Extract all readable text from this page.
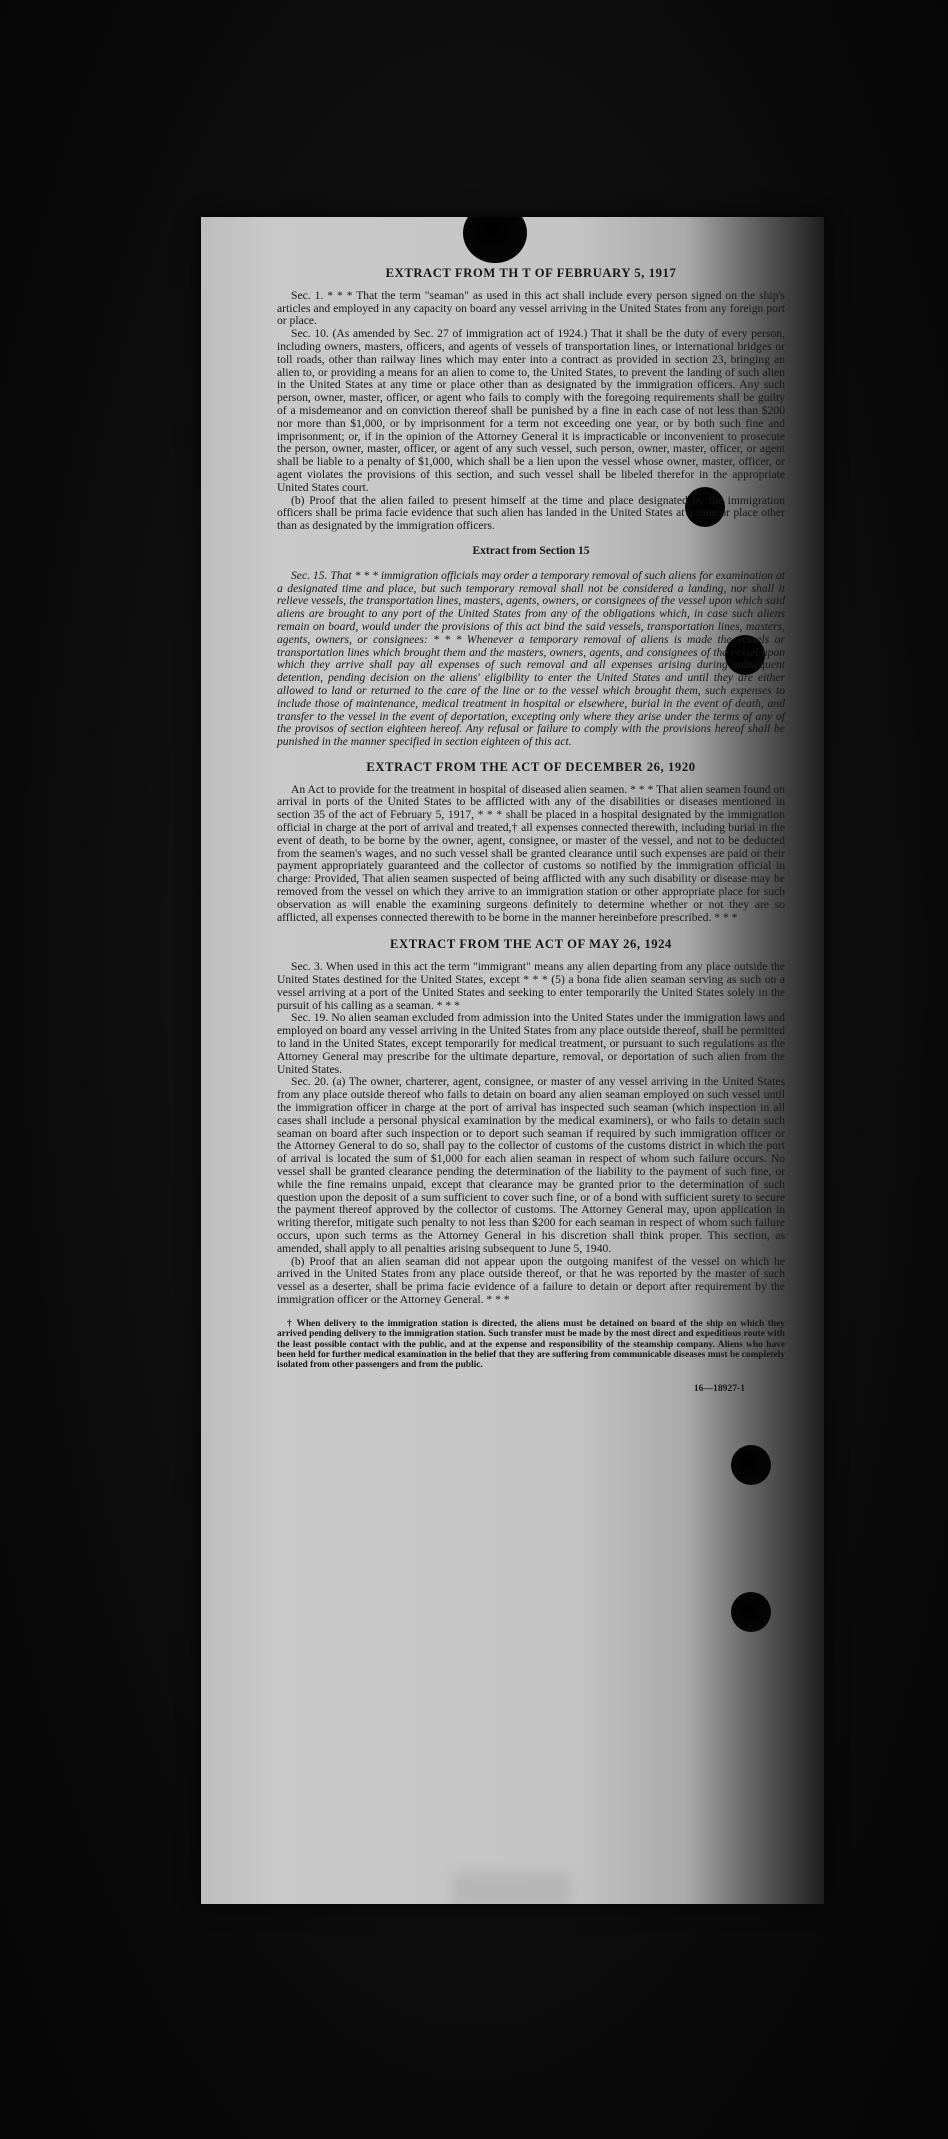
EXTRACT FROM TH T OF FEBRUARY 5, 1917

Sec. 1. * * * That the term "seaman" as used in this act shall include every person signed on the ship's articles and employed in any capacity on board any vessel arriving in the United States from any foreign port or place.

Sec. 10. (As amended by Sec. 27 of immigration act of 1924.) That it shall be the duty of every person, including owners, masters, officers, and agents of vessels of transportation lines, or international bridges or toll roads, other than railway lines which may enter into a contract as provided in section 23, bringing an alien to, or providing a means for an alien to come to, the United States, to prevent the landing of such alien in the United States at any time or place other than as designated by the immigration officers. Any such person, owner, master, officer, or agent who fails to comply with the foregoing requirements shall be guilty of a misdemeanor and on conviction thereof shall be punished by a fine in each case of not less than $200 nor more than $1,000, or by imprisonment for a term not exceeding one year, or by both such fine and imprisonment; or, if in the opinion of the Attorney General it is impracticable or inconvenient to prosecute the person, owner, master, officer, or agent of any such vessel, such person, owner, master, officer, or agent shall be liable to a penalty of $1,000, which shall be a lien upon the vessel whose owner, master, officer, or agent violates the provisions of this section, and such vessel shall be libeled therefor in the appropriate United States court.

(b) Proof that the alien failed to present himself at the time and place designated by the immigration officers shall be prima facie evidence that such alien has landed in the United States at a time or place other than as designated by the immigration officers.

Extract from Section 15

Sec. 15. That * * * immigration officials may order a temporary removal of such aliens for examination at a designated time and place, but such temporary removal shall not be considered a landing, nor shall it relieve vessels, the transportation lines, masters, agents, owners, or consignees of the vessel upon which said aliens are brought to any port of the United States from any of the obligations which, in case such aliens remain on board, would under the provisions of this act bind the said vessels, transportation lines, masters, agents, owners, or consignees: * * * Whenever a temporary removal of aliens is made the vessels or transportation lines which brought them and the masters, owners, agents, and consignees of the vessel upon which they arrive shall pay all expenses of such removal and all expenses arising during subsequent detention, pending decision on the aliens' eligibility to enter the United States and until they are either allowed to land or returned to the care of the line or to the vessel which brought them, such expenses to include those of maintenance, medical treatment in hospital or elsewhere, burial in the event of death, and transfer to the vessel in the event of deportation, excepting only where they arise under the terms of any of the provisos of section eighteen hereof. Any refusal or failure to comply with the provisions hereof shall be punished in the manner specified in section eighteen of this act.

EXTRACT FROM THE ACT OF DECEMBER 26, 1920

An Act to provide for the treatment in hospital of diseased alien seamen. * * * That alien seamen found on arrival in ports of the United States to be afflicted with any of the disabilities or diseases mentioned in section 35 of the act of February 5, 1917, * * * shall be placed in a hospital designated by the immigration official in charge at the port of arrival and treated,† all expenses connected therewith, including burial in the event of death, to be borne by the owner, agent, consignee, or master of the vessel, and not to be deducted from the seamen's wages, and no such vessel shall be granted clearance until such expenses are paid or their payment appropriately guaranteed and the collector of customs so notified by the immigration official in charge: Provided, That alien seamen suspected of being afflicted with any such disability or disease may be removed from the vessel on which they arrive to an immigration station or other appropriate place for such observation as will enable the examining surgeons definitely to determine whether or not they are so afflicted, all expenses connected therewith to be borne in the manner hereinbefore prescribed. * * *

EXTRACT FROM THE ACT OF MAY 26, 1924

Sec. 3. When used in this act the term "immigrant" means any alien departing from any place outside the United States destined for the United States, except * * * (5) a bona fide alien seaman serving as such on a vessel arriving at a port of the United States and seeking to enter temporarily the United States solely in the pursuit of his calling as a seaman. * * *

Sec. 19. No alien seaman excluded from admission into the United States under the immigration laws and employed on board any vessel arriving in the United States from any place outside thereof, shall be permitted to land in the United States, except temporarily for medical treatment, or pursuant to such regulations as the Attorney General may prescribe for the ultimate departure, removal, or deportation of such alien from the United States.

Sec. 20. (a) The owner, charterer, agent, consignee, or master of any vessel arriving in the United States from any place outside thereof who fails to detain on board any alien seaman employed on such vessel until the immigration officer in charge at the port of arrival has inspected such seaman (which inspection in all cases shall include a personal physical examination by the medical examiners), or who fails to detain such seaman on board after such inspection or to deport such seaman if required by such immigration officer or the Attorney General to do so, shall pay to the collector of customs of the customs district in which the port of arrival is located the sum of $1,000 for each alien seaman in respect of whom such failure occurs. No vessel shall be granted clearance pending the determination of the liability to the payment of such fine, or while the fine remains unpaid, except that clearance may be granted prior to the determination of such question upon the deposit of a sum sufficient to cover such fine, or of a bond with sufficient surety to secure the payment thereof approved by the collector of customs. The Attorney General may, upon application in writing therefor, mitigate such penalty to not less than $200 for each seaman in respect of whom such failure occurs, upon such terms as the Attorney General in his discretion shall think proper. This section, as amended, shall apply to all penalties arising subsequent to June 5, 1940.

(b) Proof that an alien seaman did not appear upon the outgoing manifest of the vessel on which he arrived in the United States from any place outside thereof, or that he was reported by the master of such vessel as a deserter, shall be prima facie evidence of a failure to detain or deport after requirement by the immigration officer or the Attorney General. * * *

† When delivery to the immigration station is directed, the aliens must be detained on board of the ship on which they arrived pending delivery to the immigration station. Such transfer must be made by the most direct and expeditious route with the least possible contact with the public, and at the expense and responsibility of the steamship company. Aliens who have been held for further medical examination in the belief that they are suffering from communicable diseases must be completely isolated from other passengers and from the public.

16—18927-1
